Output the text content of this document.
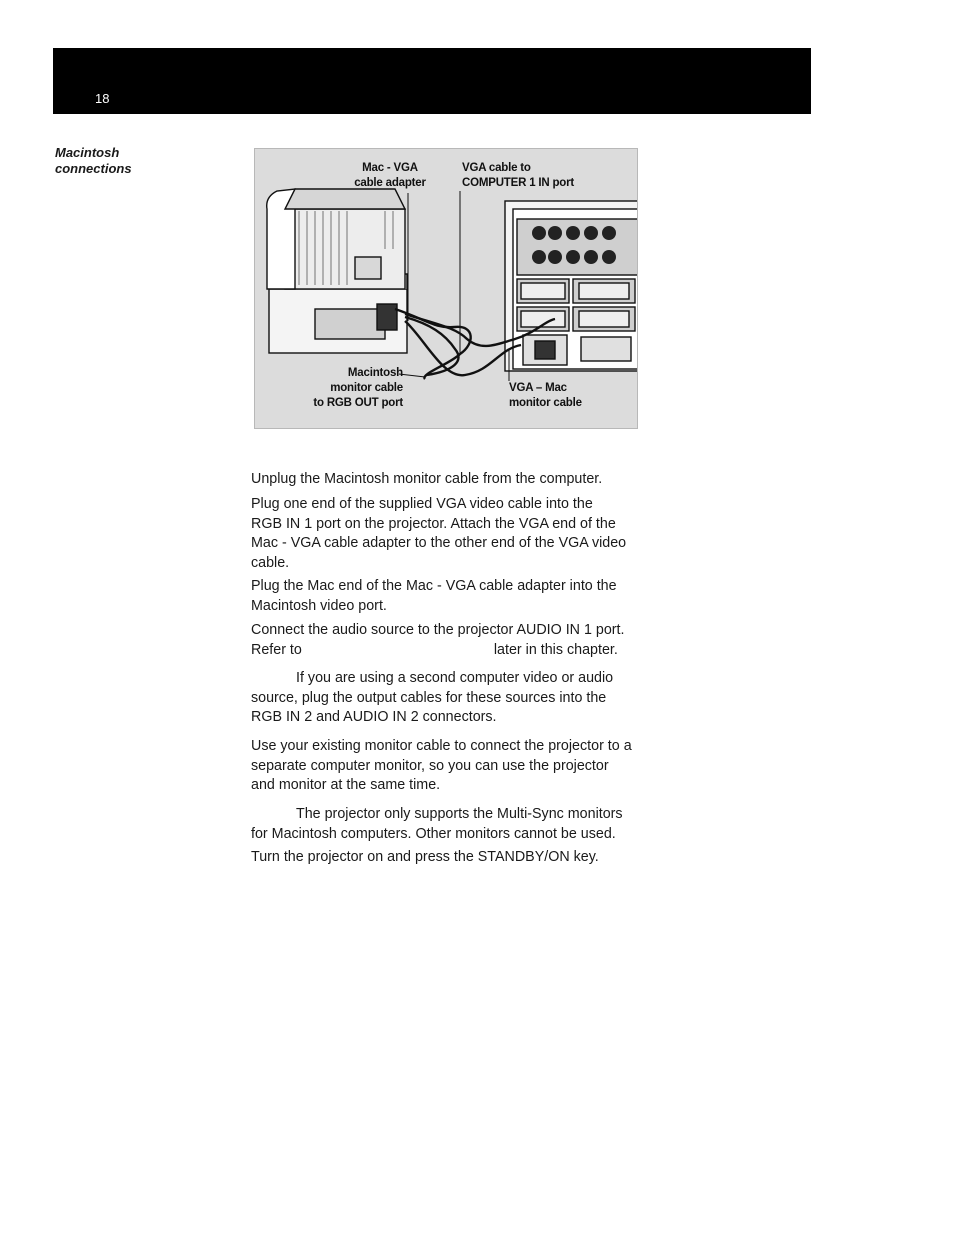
18
Macintosh
connections	Mac - VGA
cable adapter
VGA cable to
COMPUTER 1 IN port
Macintosh
monitor cable
to RGB OUT port
VGA – Mac
monitor cable

Unplug the Macintosh monitor cable from the computer.

Plug one end of the supplied VGA video cable into the

RGB IN 1 port on the projector. Attach the VGA end of the

Mac - VGA cable adapter to the other end of the VGA video

cable.

Plug the Mac end of the Mac - VGA cable adapter into the

Macintosh video port.

Connect the audio source to the projector AUDIO IN 1 port.

Refer to	later in this chapter.

If you are using a second computer video or audio

source, plug the output cables for these sources into the

RGB IN 2 and AUDIO IN 2 connectors.

Use your existing monitor cable to connect the projector to a

separate computer monitor, so you can use the projector

and monitor at the same time.

The projector only supports the Multi-Sync monitors

for Macintosh computers. Other monitors cannot be used.

Turn the projector on and press the STANDBY/ON key.
